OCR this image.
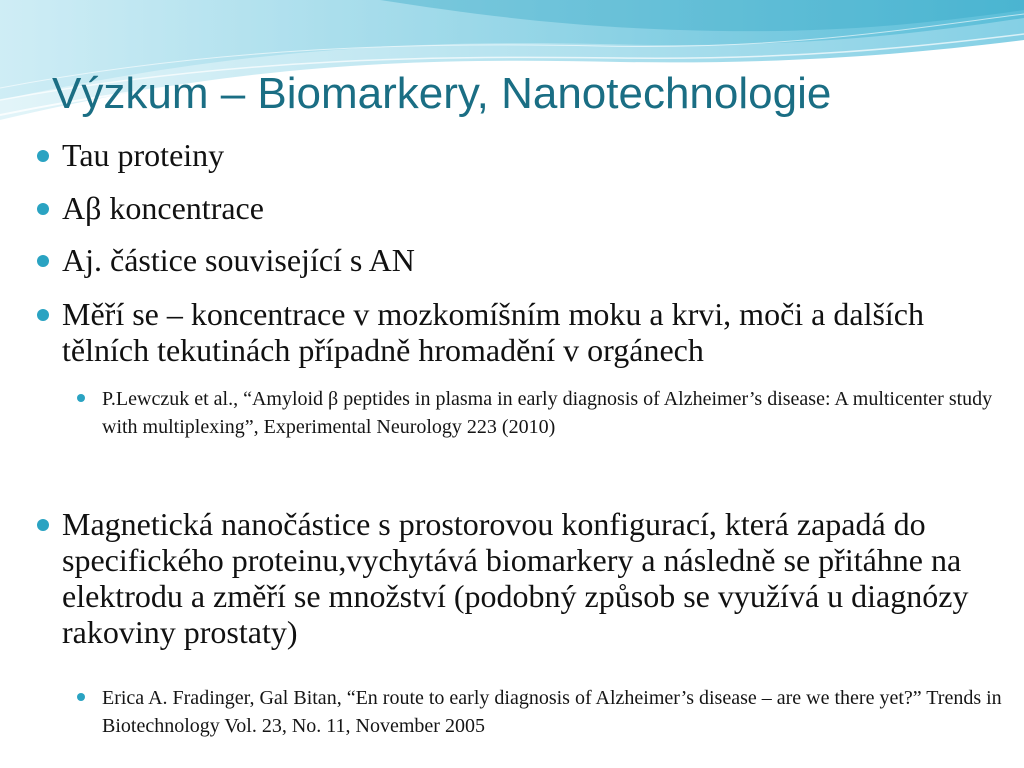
Výzkum – Biomarkery, Nanotechnologie
Tau proteiny
Aβ koncentrace
Aj. částice související s AN
Měří se – koncentrace v mozkomíšním moku a krvi, moči a dalších tělních tekutinách případně hromadění v orgánech
P.Lewczuk et al., “Amyloid β peptides in plasma in early diagnosis of Alzheimer’s disease: A multicenter study with multiplexing”, Experimental Neurology 223 (2010)
Magnetická nanočástice s prostorovou konfigurací, která zapadá do specifického proteinu,vychytává biomarkery a následně se přitáhne na elektrodu a změří se množství (podobný způsob se využívá u diagnózy rakoviny prostaty)
Erica A. Fradinger, Gal Bitan, “En route to early diagnosis of Alzheimer’s disease – are we there yet?” Trends in Biotechnology Vol. 23, No. 11, November 2005
